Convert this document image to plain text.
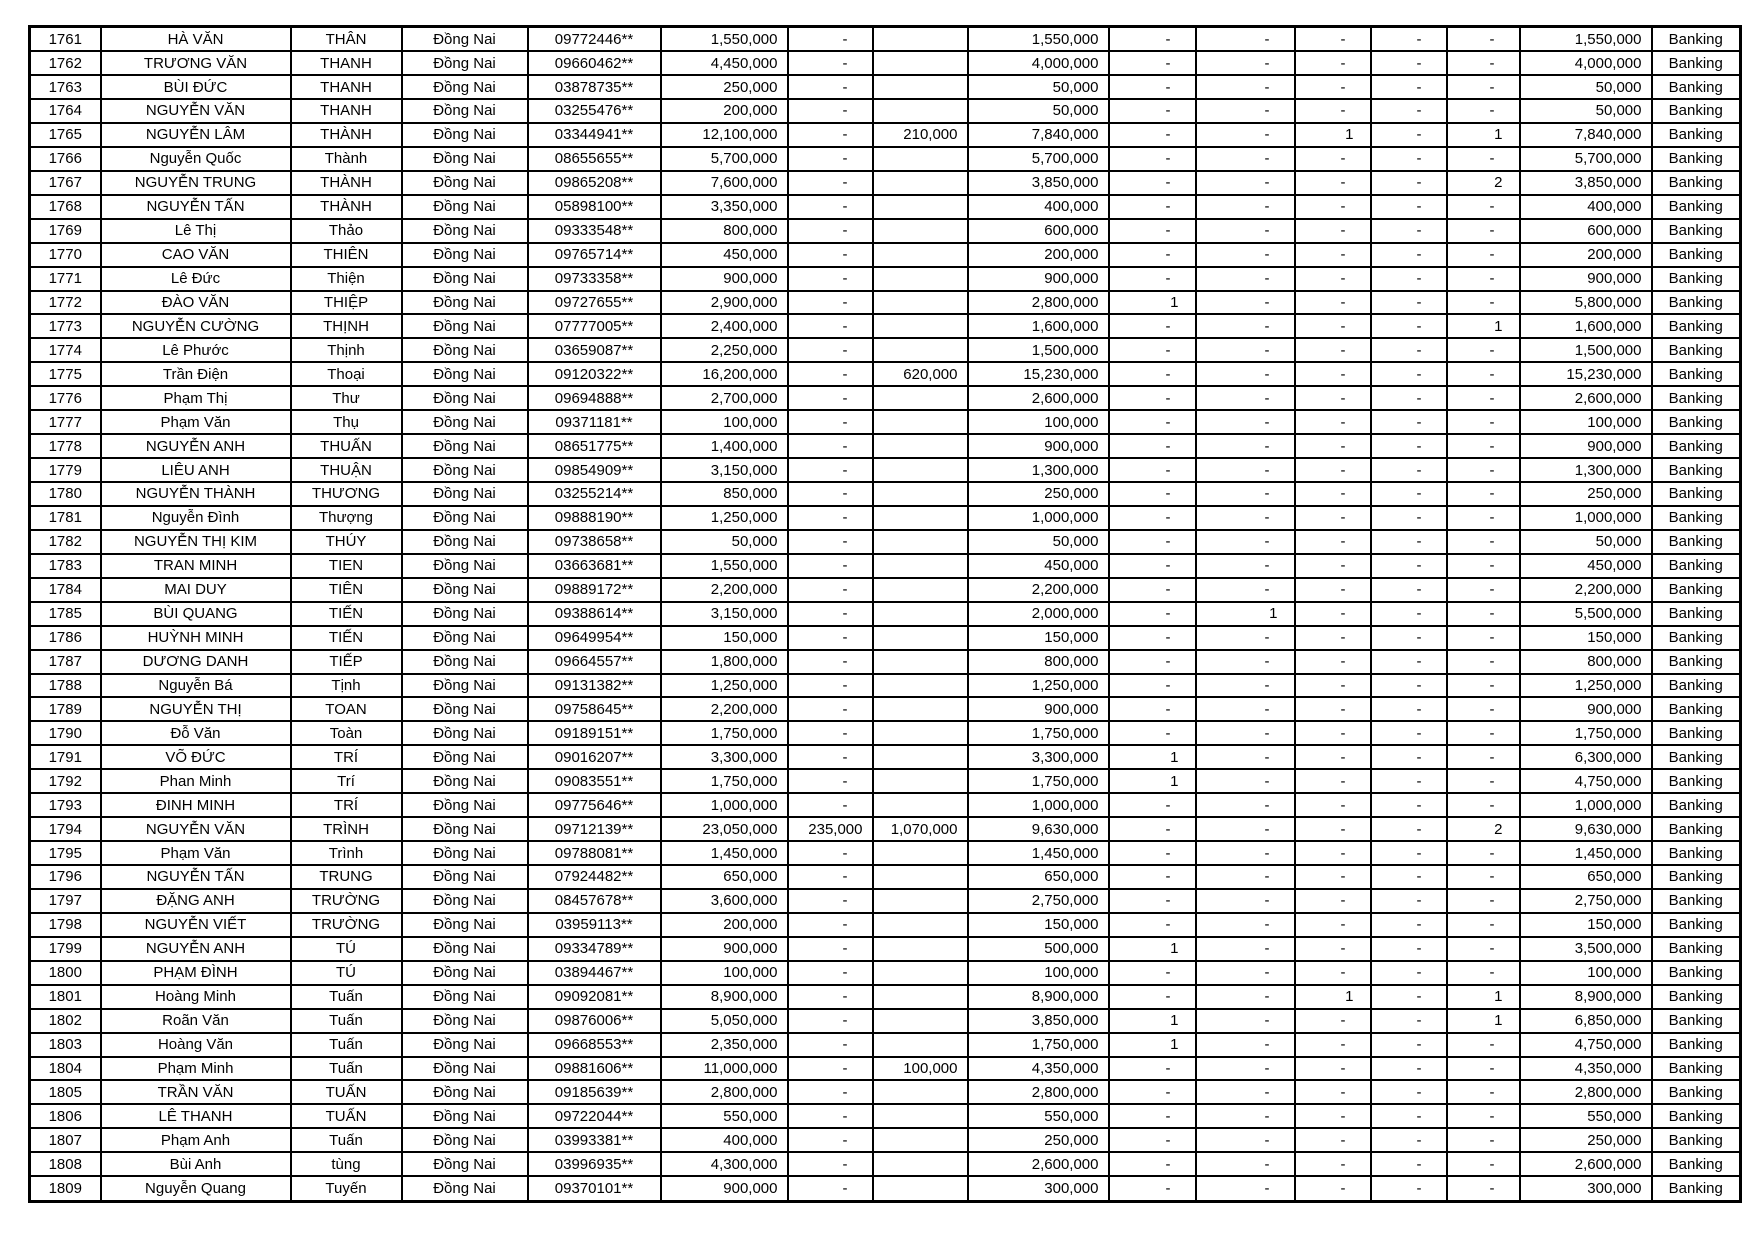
1761	HÀ VĂN	THÂN	Đồng Nai	09772446**	1,550,000	-		1,550,000	-	-	-	-	-	1,550,000	Banking
1762	TRƯƠNG VĂN	THANH	Đồng Nai	09660462**	4,450,000	-		4,000,000	-	-	-	-	-	4,000,000	Banking
1763	BÙI ĐỨC	THANH	Đồng Nai	03878735**	250,000	-		50,000	-	-	-	-	-	50,000	Banking
1764	NGUYỄN VĂN	THANH	Đồng Nai	03255476**	200,000	-		50,000	-	-	-	-	-	50,000	Banking
1765	NGUYỄN LÂM	THÀNH	Đồng Nai	03344941**	12,100,000	-	210,000	7,840,000	-	-	1	-	1	7,840,000	Banking
1766	Nguyễn Quốc	Thành	Đồng Nai	08655655**	5,700,000	-		5,700,000	-	-	-	-	-	5,700,000	Banking
1767	NGUYỄN TRUNG	THÀNH	Đồng Nai	09865208**	7,600,000	-		3,850,000	-	-	-	-	2	3,850,000	Banking
1768	NGUYỄN TẤN	THÀNH	Đồng Nai	05898100**	3,350,000	-		400,000	-	-	-	-	-	400,000	Banking
1769	Lê Thị	Thảo	Đồng Nai	09333548**	800,000	-		600,000	-	-	-	-	-	600,000	Banking
1770	CAO VĂN	THIÊN	Đồng Nai	09765714**	450,000	-		200,000	-	-	-	-	-	200,000	Banking
1771	Lê Đức	Thiện	Đồng Nai	09733358**	900,000	-		900,000	-	-	-	-	-	900,000	Banking
1772	ĐÀO VĂN	THIỆP	Đồng Nai	09727655**	2,900,000	-		2,800,000	1	-	-	-	-	5,800,000	Banking
1773	NGUYỄN CƯỜNG	THỊNH	Đồng Nai	07777005**	2,400,000	-		1,600,000	-	-	-	-	1	1,600,000	Banking
1774	Lê Phước	Thịnh	Đồng Nai	03659087**	2,250,000	-		1,500,000	-	-	-	-	-	1,500,000	Banking
1775	Trần Điện	Thoại	Đồng Nai	09120322**	16,200,000	-	620,000	15,230,000	-	-	-	-	-	15,230,000	Banking
1776	Phạm Thị	Thư	Đồng Nai	09694888**	2,700,000	-		2,600,000	-	-	-	-	-	2,600,000	Banking
1777	Phạm Văn	Thụ	Đồng Nai	09371181**	100,000	-		100,000	-	-	-	-	-	100,000	Banking
1778	NGUYỄN ANH	THUẤN	Đồng Nai	08651775**	1,400,000	-		900,000	-	-	-	-	-	900,000	Banking
1779	LIÊU ANH	THUẬN	Đồng Nai	09854909**	3,150,000	-		1,300,000	-	-	-	-	-	1,300,000	Banking
1780	NGUYỄN THÀNH	THƯƠNG	Đồng Nai	03255214**	850,000	-		250,000	-	-	-	-	-	250,000	Banking
1781	Nguyễn Đình	Thượng	Đồng Nai	09888190**	1,250,000	-		1,000,000	-	-	-	-	-	1,000,000	Banking
1782	NGUYỄN THỊ KIM	THÚY	Đồng Nai	09738658**	50,000	-		50,000	-	-	-	-	-	50,000	Banking
1783	TRAN MINH	TIEN	Đồng Nai	03663681**	1,550,000	-		450,000	-	-	-	-	-	450,000	Banking
1784	MAI DUY	TIÊN	Đồng Nai	09889172**	2,200,000	-		2,200,000	-	-	-	-	-	2,200,000	Banking
1785	BÙI QUANG	TIẾN	Đồng Nai	09388614**	3,150,000	-		2,000,000	-	1	-	-	-	5,500,000	Banking
1786	HUỲNH MINH	TIẾN	Đồng Nai	09649954**	150,000	-		150,000	-	-	-	-	-	150,000	Banking
1787	DƯƠNG DANH	TIẾP	Đồng Nai	09664557**	1,800,000	-		800,000	-	-	-	-	-	800,000	Banking
1788	Nguyễn Bá	Tịnh	Đồng Nai	09131382**	1,250,000	-		1,250,000	-	-	-	-	-	1,250,000	Banking
1789	NGUYỄN THỊ	TOAN	Đồng Nai	09758645**	2,200,000	-		900,000	-	-	-	-	-	900,000	Banking
1790	Đỗ Văn	Toàn	Đồng Nai	09189151**	1,750,000	-		1,750,000	-	-	-	-	-	1,750,000	Banking
1791	VÕ ĐỨC	TRÍ	Đồng Nai	09016207**	3,300,000	-		3,300,000	1	-	-	-	-	6,300,000	Banking
1792	Phan Minh	Trí	Đồng Nai	09083551**	1,750,000	-		1,750,000	1	-	-	-	-	4,750,000	Banking
1793	ĐINH MINH	TRÍ	Đồng Nai	09775646**	1,000,000	-		1,000,000	-	-	-	-	-	1,000,000	Banking
1794	NGUYỄN VĂN	TRÌNH	Đồng Nai	09712139**	23,050,000	235,000	1,070,000	9,630,000	-	-	-	-	2	9,630,000	Banking
1795	Phạm Văn	Trình	Đồng Nai	09788081**	1,450,000	-		1,450,000	-	-	-	-	-	1,450,000	Banking
1796	NGUYỄN TẤN	TRUNG	Đồng Nai	07924482**	650,000	-		650,000	-	-	-	-	-	650,000	Banking
1797	ĐẶNG ANH	TRƯỜNG	Đồng Nai	08457678**	3,600,000	-		2,750,000	-	-	-	-	-	2,750,000	Banking
1798	NGUYỄN VIẾT	TRƯỜNG	Đồng Nai	03959113**	200,000	-		150,000	-	-	-	-	-	150,000	Banking
1799	NGUYỄN ANH	TÚ	Đồng Nai	09334789**	900,000	-		500,000	1	-	-	-	-	3,500,000	Banking
1800	PHẠM ĐÌNH	TÚ	Đồng Nai	03894467**	100,000	-		100,000	-	-	-	-	-	100,000	Banking
1801	Hoàng Minh	Tuấn	Đồng Nai	09092081**	8,900,000	-		8,900,000	-	-	1	-	1	8,900,000	Banking
1802	Roãn Văn	Tuấn	Đồng Nai	09876006**	5,050,000	-		3,850,000	1	-	-	-	1	6,850,000	Banking
1803	Hoàng Văn	Tuấn	Đồng Nai	09668553**	2,350,000	-		1,750,000	1	-	-	-	-	4,750,000	Banking
1804	Phạm Minh	Tuấn	Đồng Nai	09881606**	11,000,000	-	100,000	4,350,000	-	-	-	-	-	4,350,000	Banking
1805	TRẦN VĂN	TUẤN	Đồng Nai	09185639**	2,800,000	-		2,800,000	-	-	-	-	-	2,800,000	Banking
1806	LÊ THANH	TUẤN	Đồng Nai	09722044**	550,000	-		550,000	-	-	-	-	-	550,000	Banking
1807	Phạm Anh	Tuấn	Đồng Nai	03993381**	400,000	-		250,000	-	-	-	-	-	250,000	Banking
1808	Bùi Anh	tùng	Đồng Nai	03996935**	4,300,000	-		2,600,000	-	-	-	-	-	2,600,000	Banking
1809	Nguyễn Quang	Tuyến	Đồng Nai	09370101**	900,000	-		300,000	-	-	-	-	-	300,000	Banking
